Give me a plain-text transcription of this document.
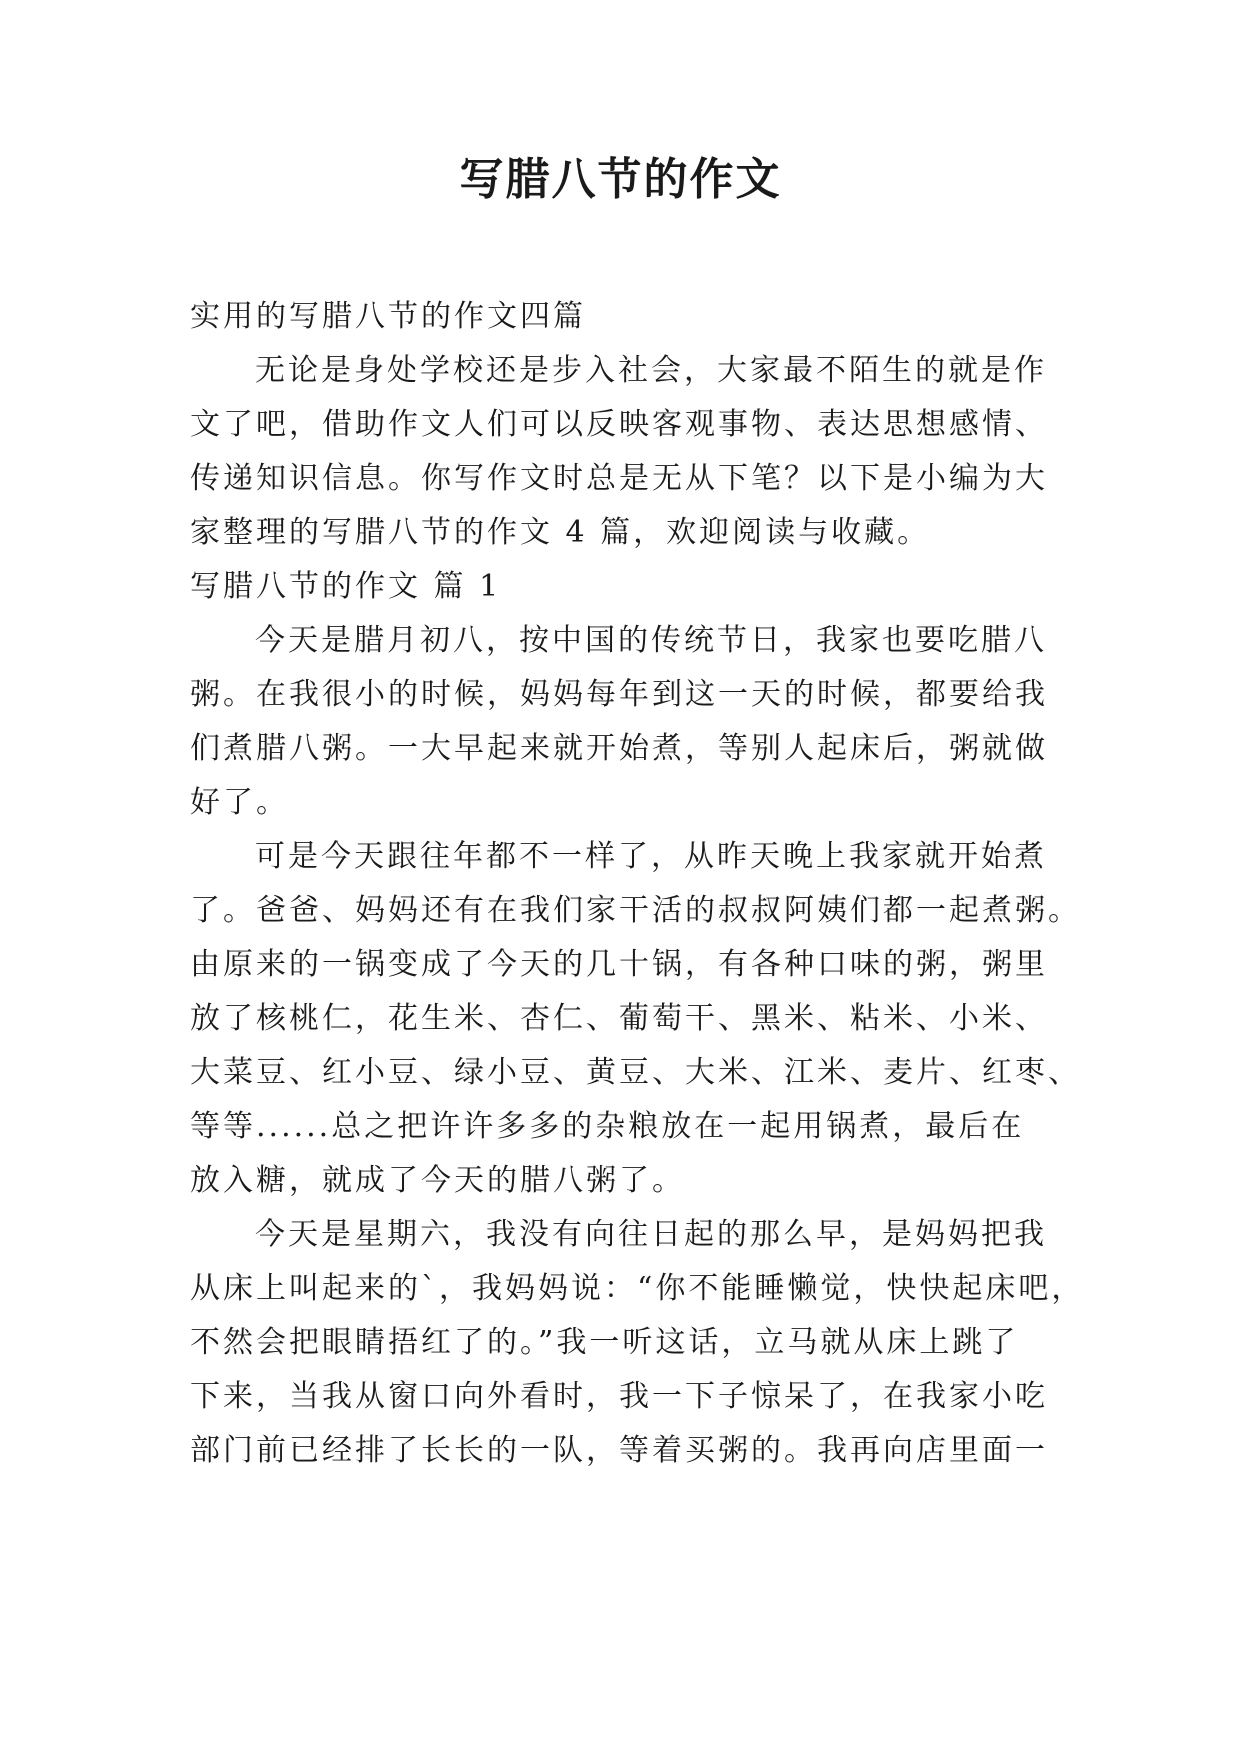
写腊八节的作文
实用的写腊八节的作文四篇
无论是身处学校还是步入社会，大家最不陌生的就是作
文了吧，借助作文人们可以反映客观事物、表达思想感情、
传递知识信息。你写作文时总是无从下笔？以下是小编为大
家整理的写腊八节的作文 4 篇，欢迎阅读与收藏。
写腊八节的作文 篇 1
今天是腊月初八，按中国的传统节日，我家也要吃腊八
粥。在我很小的时候，妈妈每年到这一天的时候，都要给我
们煮腊八粥。一大早起来就开始煮，等别人起床后，粥就做
好了。
可是今天跟往年都不一样了，从昨天晚上我家就开始煮
了。爸爸、妈妈还有在我们家干活的叔叔阿姨们都一起煮粥。
由原来的一锅变成了今天的几十锅，有各种口味的粥，粥里
放了核桃仁，花生米、杏仁、葡萄干、黑米、粘米、小米、
大菜豆、红小豆、绿小豆、黄豆、大米、江米、麦片、红枣、
等等......总之把许许多多的杂粮放在一起用锅煮，最后在
放入糖，就成了今天的腊八粥了。
今天是星期六，我没有向往日起的那么早，是妈妈把我
从床上叫起来的`，我妈妈说：“你不能睡懒觉，快快起床吧，
不然会把眼睛捂红了的。”我一听这话，立马就从床上跳了
下来，当我从窗口向外看时，我一下子惊呆了，在我家小吃
部门前已经排了长长的一队，等着买粥的。我再向店里面一
